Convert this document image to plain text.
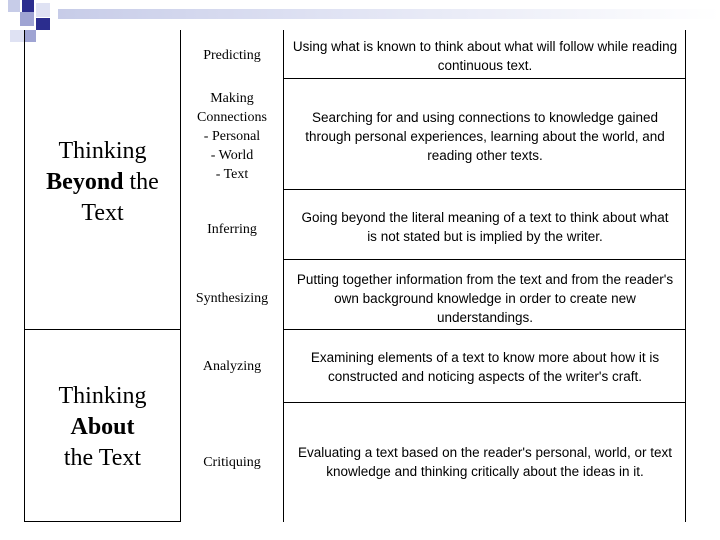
Thinking
Beyond the
Text
Thinking
About
the Text
Predicting
Making
Connections
- Personal
- World
- Text
Inferring
Synthesizing
Analyzing
Critiquing
Using what is known to think about what will follow while reading continuous text.
Searching for and using connections to knowledge gained through personal experiences, learning about the world, and reading other texts.
Going beyond the literal meaning of a text to think about what is not stated but is implied by the writer.
Putting together information from the text and from the reader's own background knowledge in order to create new understandings.
Examining elements of a text to know more about how it is constructed and noticing aspects of the writer's craft.
Evaluating a text based on the reader's personal, world, or text knowledge and thinking critically about the ideas in it.
